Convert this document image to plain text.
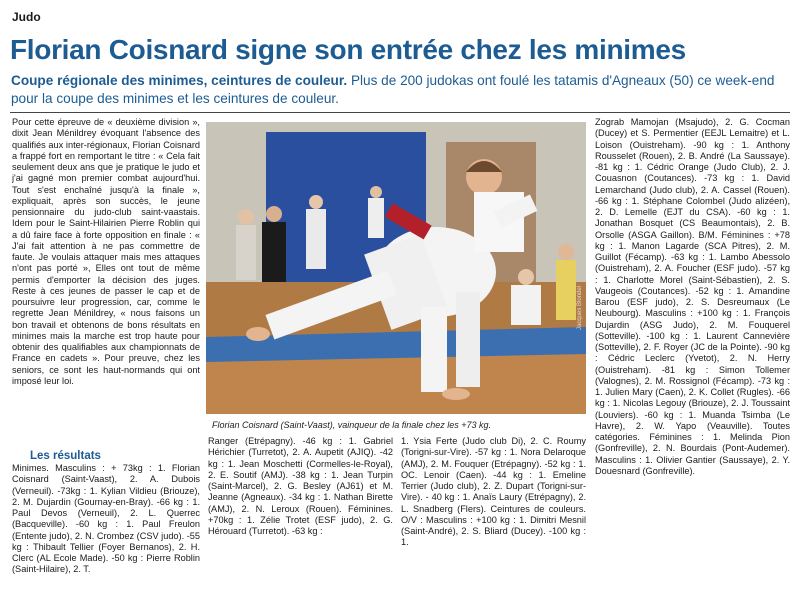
Judo
Florian Coisnard signe son entrée chez les minimes
Coupe régionale des minimes, ceintures de couleur. Plus de 200 judokas ont foulé les tatamis d'Agneaux (50) ce week-end pour la coupe des minimes et les ceintures de couleur.

Pour cette épreuve de « deuxième division », dixit Jean Ménildrey évoquant l'absence des qualifiés aux inter-régionaux, Florian Coisnard a frappé fort en remportant le titre : « Cela fait seulement deux ans que je pratique le judo et j'ai gagné mon premier combat aujourd'hui. Tout s'est enchaîné jusqu'à la finale », expliquait, après son succès, le jeune pensionnaire du judo-club saint-vaastais. Idem pour le Saint-Hilairien Pierre Roblin qui a dû faire face à forte opposition en finale : « J'ai fait attention à ne pas commettre de faute. Je voulais attaquer mais mes attaques n'ont pas porté », Elles ont tout de même permis d'emporter la décision des juges. Reste à ces jeunes de passer le cap et de poursuivre leur progression, car, comme le regrette Jean Ménildrey, « nous faisons un bon travail et obtenons de bons résultats en minimes mais la marche est trop haute pour obtenir des qualifiables aux championnats de France en cadets ». Pour preuve, chez les seniors, ce sont les haut-normands qui ont imposé leur loi.

Jacques Blondel
Florian Coisnard (Saint-Vaast), vainqueur de la finale chez les +73 kg.
Les résultats

Minimes. Masculins : + 73kg : 1. Florian Coisnard (Saint-Vaast), 2. A. Dubois (Verneuil). -73kg : 1. Kylian Vildieu (Briouze), 2. M. Dujardin (Gournay-en-Bray). -66 kg : 1. Paul Devos (Verneuil), 2. L. Querrec (Bacqueville). -60 kg : 1. Paul Freulon (Entente judo), 2. N. Crombez (CSV judo). -55 kg : Thibault Tellier (Foyer Bernanos), 2. H. Clerc (AL Ecole Made). -50 kg : Pierre Roblin (Saint-Hilaire), 2. T.

Ranger (Etrépagny). -46 kg : 1. Gabriel Hérichier (Turretot), 2. A. Aupetit (AJIQ). -42 kg : 1. Jean Moschetti (Cormelles-le-Royal), 2. E. Soutif (AMJ). -38 kg : 1. Jean Turpin (Saint-Marcel), 2. G. Besley (AJ61) et M. Jeanne (Agneaux). -34 kg : 1. Nathan Birette (AMJ), 2. N. Leroux (Rouen). Féminines. +70kg : 1. Zélie Trotet (ESF judo), 2. G. Hérouard (Turretot). -63 kg :

1. Ysia Ferte (Judo club Di), 2. C. Roumy (Torigni-sur-Vire). -57 kg : 1. Nora Delaroque (AMJ), 2. M. Fouquer (Etrépagny). -52 kg : 1. OC. Lenoir (Caen). -44 kg : 1. Emeline Terrier (Judo club), 2. Z. Dupart (Torigni-sur-Vire). - 40 kg : 1. Anaïs Laury (Etrépagny), 2. L. Snadberg (Flers). Ceintures de couleurs. O/V : Masculins : +100 kg : 1. Dimitri Mesnil (Saint-André), 2. S. Bliard (Ducey). -100 kg : 1.

Zograb Mamojan (Msajudo), 2. G. Cocman (Ducey) et S. Permentier (EEJL Lemaitre) et L. Loison (Ouistreham). -90 kg : 1. Anthony Rousselet (Rouen), 2. B. André (La Saussaye). -81 kg : 1. Cédric Orange (Judo Club), 2. J. Couasnon (Coutances). -73 kg : 1. David Lemarchand (Judo club), 2. A. Cassel (Rouen). -66 kg : 1. Stéphane Colombel (Judo alizéen), 2. D. Lemelle (EJT du CSA). -60 kg : 1. Jonathan Bosquet (CS Beaumontais), 2. B. Orsolle (ASGA Gaillon). B/M. Féminines : +78 kg : 1. Manon Lagarde (SCA Pitres), 2. M. Guillot (Fécamp). -63 kg : 1. Lambo Abessolo (Ouistreham), 2. A. Foucher (ESF judo). -57 kg : 1. Charlotte Morel (Saint-Sébastien), 2. S. Vaugeois (Coutances). -52 kg : 1. Amandine Barou (ESF judo), 2. S. Desreumaux (Le Neubourg). Masculins : +100 kg : 1. François Dujardin (ASG Judo), 2. M. Fouquerel (Sotteville). -100 kg : 1. Laurent Cannevière (Sotteville), 2. F. Royer (JC de la Pointe). -90 kg : Cédric Leclerc (Yvetot), 2. N. Herry (Ouistreham). -81 kg : Simon Tollemer (Valognes), 2. M. Rossignol (Fécamp). -73 kg : 1. Julien Mary (Caen), 2. K. Collet (Rugles). -66 kg : 1. Nicolas Legouy (Briouze), 2. J. Toussaint (Louviers). -60 kg : 1. Muanda Tsimba (Le Havre), 2. W. Yapo (Veauville). Toutes catégories. Féminines : 1. Melinda Pion (Gonfreville), 2. N. Bourdais (Pont-Audemer). Masculins : 1. Olivier Gantier (Saussaye), 2. Y. Douesnard (Gonfreville).
